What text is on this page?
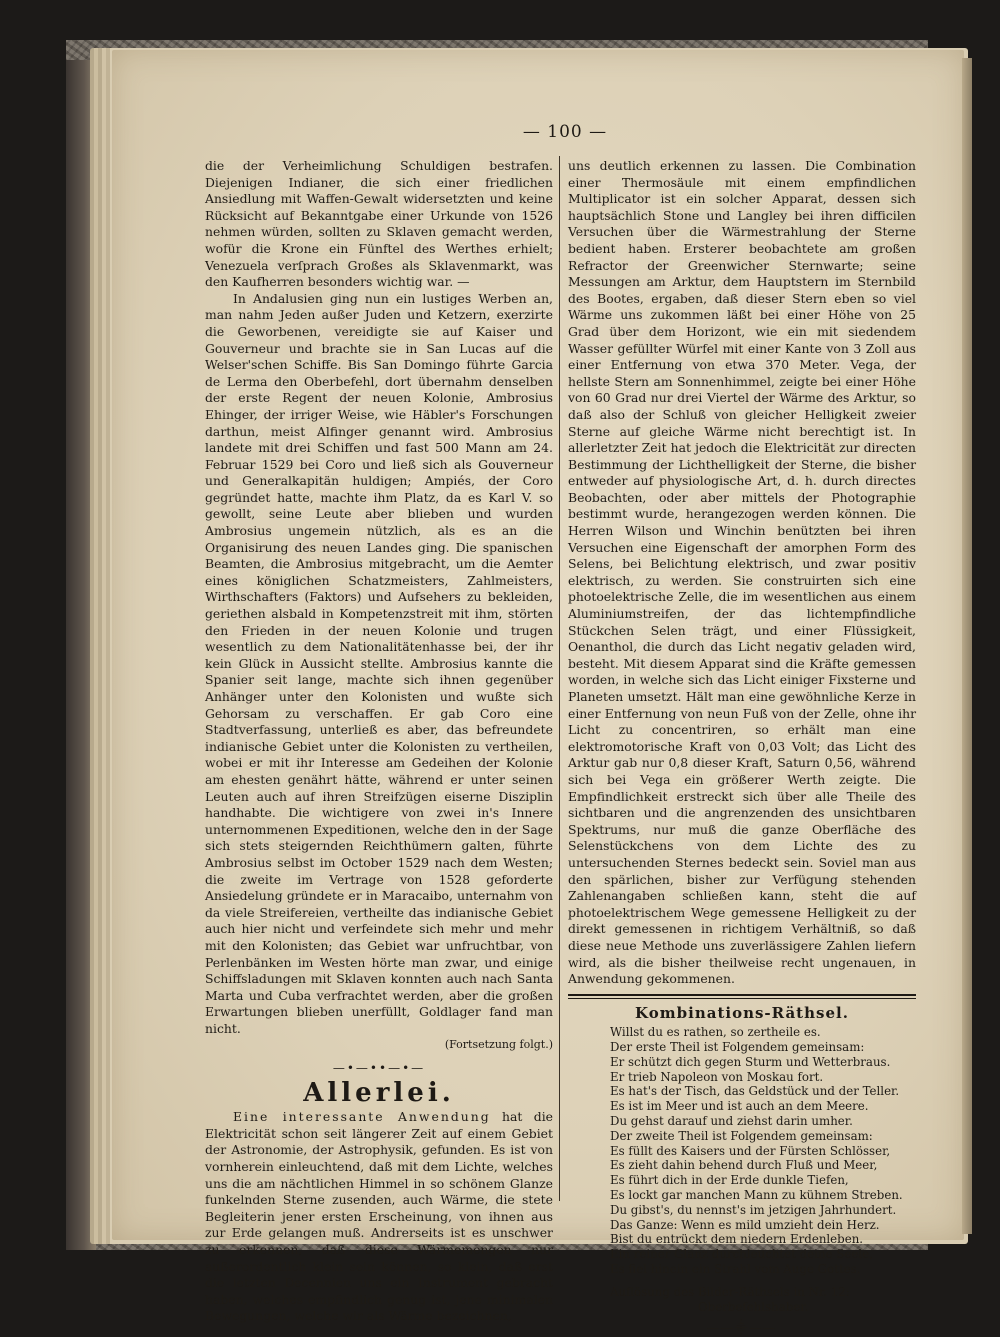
— 100 —

die der Verheimlichung Schuldigen bestrafen. Diejenigen Indianer, die sich einer friedlichen Ansiedlung mit Waffen-Gewalt widersetzten und keine Rücksicht auf Bekanntgabe einer Urkunde von 1526 nehmen würden, sollten zu Sklaven gemacht werden, wofür die Krone ein Fünftel des Werthes erhielt; Venezuela verſprach Großes als Sklavenmarkt, was den Kaufherren besonders wichtig war. —

In Andalusien ging nun ein lustiges Werben an, man nahm Jeden außer Juden und Ketzern, exerzirte die Geworbenen, vereidigte sie auf Kaiser und Gouverneur und brachte sie in San Lucas auf die Welser'schen Schiffe. Bis San Domingo führte Garcia de Lerma den Oberbefehl, dort übernahm denselben der erste Regent der neuen Kolonie, Ambrosius Ehinger, der irriger Weise, wie Häbler's Forschungen darthun, meist Alfinger genannt wird. Ambrosius landete mit drei Schiffen und fast 500 Mann am 24. Februar 1529 bei Coro und ließ sich als Gouverneur und Generalkapitän huldigen; Ampiés, der Coro gegründet hatte, machte ihm Platz, da es Karl V. so gewollt, seine Leute aber blieben und wurden Ambrosius ungemein nützlich, als es an die Organisirung des neuen Landes ging. Die spanischen Beamten, die Ambrosius mitgebracht, um die Aemter eines königlichen Schatzmeisters, Zahlmeisters, Wirthschafters (Faktors) und Aufsehers zu bekleiden, geriethen alsbald in Kompetenzstreit mit ihm, störten den Frieden in der neuen Kolonie und trugen wesentlich zu dem Nationalitätenhasse bei, der ihr kein Glück in Aussicht stellte. Ambrosius kannte die Spanier seit lange, machte sich ihnen gegenüber Anhänger unter den Kolonisten und wußte sich Gehorsam zu verschaffen. Er gab Coro eine Stadtverfassung, unterließ es aber, das befreundete indianische Gebiet unter die Kolonisten zu vertheilen, wobei er mit ihr Interesse am Gedeihen der Kolonie am ehesten genährt hätte, während er unter seinen Leuten auch auf ihren Streifzügen eiserne Disziplin handhabte. Die wichtigere von zwei in's Innere unternommenen Expeditionen, welche den in der Sage sich stets steigernden Reichthümern galten, führte Ambrosius selbst im October 1529 nach dem Westen; die zweite im Vertrage von 1528 geforderte Ansiedelung gründete er in Maracaibo, unternahm von da viele Streifereien, vertheilte das indianische Gebiet auch hier nicht und verfeindete sich mehr und mehr mit den Kolonisten; das Gebiet war unfruchtbar, von Perlenbänken im Westen hörte man zwar, und einige Schiffsladungen mit Sklaven konnten auch nach Santa Marta und Cuba verfrachtet werden, aber die großen Erwartungen blieben unerfüllt, Goldlager fand man nicht.

(Fortsetzung folgt.)
—•—••—•—
Allerlei.

Eine interessante Anwendung hat die Elektricität schon seit längerer Zeit auf einem Gebiet der Astronomie, der Astrophysik, gefunden. Es ist von vornherein einleuchtend, daß mit dem Lichte, welches uns die am nächtlichen Himmel in so schönem Glanze funkelnden Sterne zusenden, auch Wärme, die stete Begleiterin jener ersten Erscheinung, von ihnen aus zur Erde gelangen muß. Andrerseits ist es unschwer zu erkennen, daß diese Wärmemengen nur außerordentlich klein sein können, so klein, daß erst die letzten Decennien uns ein Instrument gebracht haben, welches empfindlich genug ist, jene minimalen Bewegungen, welche wir als Wärme bezeichnen,

uns deutlich erkennen zu lassen. Die Combination einer Thermosäule mit einem empfindlichen Multiplicator ist ein solcher Apparat, dessen sich hauptsächlich Stone und Langley bei ihren difficilen Versuchen über die Wärmestrahlung der Sterne bedient haben. Ersterer beobachtete am großen Refractor der Greenwicher Sternwarte; seine Messungen am Arktur, dem Hauptstern im Sternbild des Bootes, ergaben, daß dieser Stern eben so viel Wärme uns zukommen läßt bei einer Höhe von 25 Grad über dem Horizont, wie ein mit siedendem Wasser gefüllter Würfel mit einer Kante von 3 Zoll aus einer Entfernung von etwa 370 Meter. Vega, der hellste Stern am Sonnenhimmel, zeigte bei einer Höhe von 60 Grad nur drei Viertel der Wärme des Arktur, so daß also der Schluß von gleicher Helligkeit zweier Sterne auf gleiche Wärme nicht berechtigt ist. In allerletzter Zeit hat jedoch die Elektricität zur directen Bestimmung der Lichthelligkeit der Sterne, die bisher entweder auf physiologische Art, d. h. durch directes Beobachten, oder aber mittels der Photographie bestimmt wurde, herangezogen werden können. Die Herren Wilson und Winchin benützten bei ihren Versuchen eine Eigenschaft der amorphen Form des Selens, bei Belichtung elektrisch, und zwar positiv elektrisch, zu werden. Sie construirten sich eine photoelektrische Zelle, die im wesentlichen aus einem Aluminiumstreifen, der das lichtempfindliche Stückchen Selen trägt, und einer Flüssigkeit, Oenanthol, die durch das Licht negativ geladen wird, besteht. Mit diesem Apparat sind die Kräfte gemessen worden, in welche sich das Licht einiger Fixsterne und Planeten umsetzt. Hält man eine gewöhnliche Kerze in einer Entfernung von neun Fuß von der Zelle, ohne ihr Licht zu concentriren, so erhält man eine elektromotorische Kraft von 0,03 Volt; das Licht des Arktur gab nur 0,8 dieser Kraft, Saturn 0,56, während sich bei Vega ein größerer Werth zeigte. Die Empfindlichkeit erstreckt sich über alle Theile des sichtbaren und die angrenzenden des unsichtbaren Spektrums, nur muß die ganze Oberfläche des Selenstückchens von dem Lichte des zu untersuchenden Sternes bedeckt sein. Soviel man aus den spärlichen, bisher zur Verfügung stehenden Zahlenangaben schließen kann, steht die auf photoelektrischem Wege gemessene Helligkeit zu der direkt gemessenen in richtigem Verhältniß, so daß diese neue Methode uns zuverlässigere Zahlen liefern wird, als die bisher theilweise recht ungenauen, in Anwendung gekommenen.

Kombinations-Räthsel.
Willst du es rathen, so zertheile es.
Der erste Theil ist Folgendem gemeinsam:
Er schützt dich gegen Sturm und Wetterbraus.
Er trieb Napoleon von Moskau fort.
Es hat's der Tisch, das Geldstück und der Teller.
Es ist im Meer und ist auch an dem Meere.
Du gehst darauf und ziehst darin umher.
Der zweite Theil ist Folgendem gemeinsam:
Es füllt des Kaisers und der Fürsten Schlösser,
Es zieht dahin behend durch Fluß und Meer,
Es führt dich in der Erde dunkle Tiefen,
Es lockt gar manchen Mann zu kühnem Streben.
Du gibst's, du nennst's im jetzigen Jahrhundert.
Das Ganze: Wenn es mild umzieht dein Herz.
Bist du entrückt dem niedern Erdenleben.
Ein reiner Glanz durchleuchtet deine Seele,
Es fiel hinein ein Strahl vom Auge Gottes.
Auflösung des Bilder-Räthsels in Nr. 12:
Oberbefehlshaber.
——⸎——
